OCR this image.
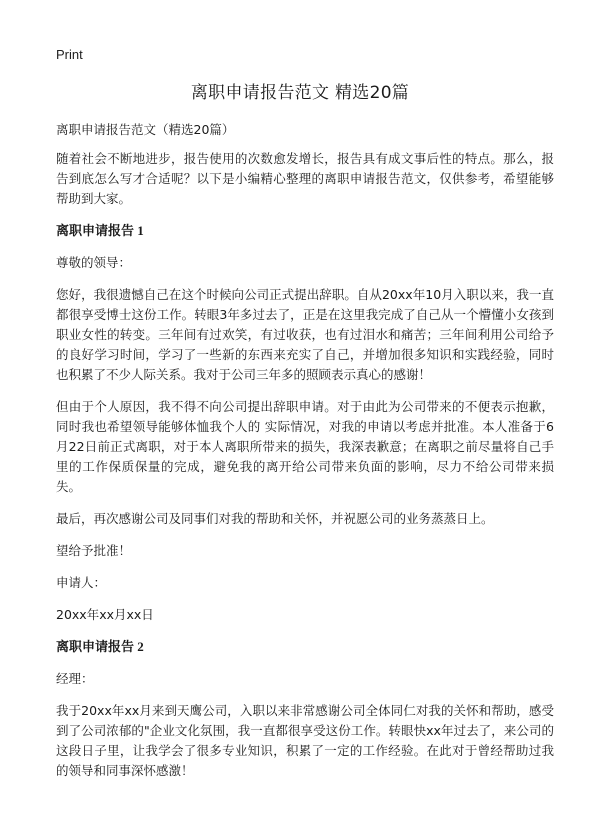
Print
离职申请报告范文 精选20篇

离职申请报告范文（精选20篇）

随着社会不断地进步，报告使用的次数愈发增长，报告具有成文事后性的特点。那么，报告到底怎么写才合适呢？以下是小编精心整理的离职申请报告范文，仅供参考，希望能够帮助到大家。

离职申请报告 1

尊敬的领导：

您好，我很遗憾自己在这个时候向公司正式提出辞职。自从20xx年10月入职以来，我一直都很享受博士这份工作。转眼3年多过去了，正是在这里我完成了自己从一个懵懂小女孩到职业女性的转变。三年间有过欢笑，有过收获，也有过泪水和痛苦；三年间利用公司给予的良好学习时间，学习了一些新的东西来充实了自己，并增加很多知识和实践经验，同时也积累了不少人际关系。我对于公司三年多的照顾表示真心的感谢！

但由于个人原因，我不得不向公司提出辞职申请。对于由此为公司带来的不便表示抱歉，同时我也希望领导能够体恤我个人的 实际情况，对我的申请以考虑并批准。本人准备于6月22日前正式离职，对于本人离职所带来的损失，我深表歉意；在离职之前尽量将自己手里的工作保质保量的完成，避免我的离开给公司带来负面的影响，尽力不给公司带来损失。

最后，再次感谢公司及同事们对我的帮助和关怀，并祝愿公司的业务蒸蒸日上。

望给予批准！

申请人：

20xx年xx月xx日

离职申请报告 2

经理：

我于20xx年xx月来到天鹰公司，入职以来非常感谢公司全体同仁对我的关怀和帮助，感受到了公司浓郁的"企业文化氛围，我一直都很享受这份工作。转眼快xx年过去了，来公司的这段日子里，让我学会了很多专业知识，积累了一定的工作经验。在此对于曾经帮助过我的领导和同事深怀感激！
